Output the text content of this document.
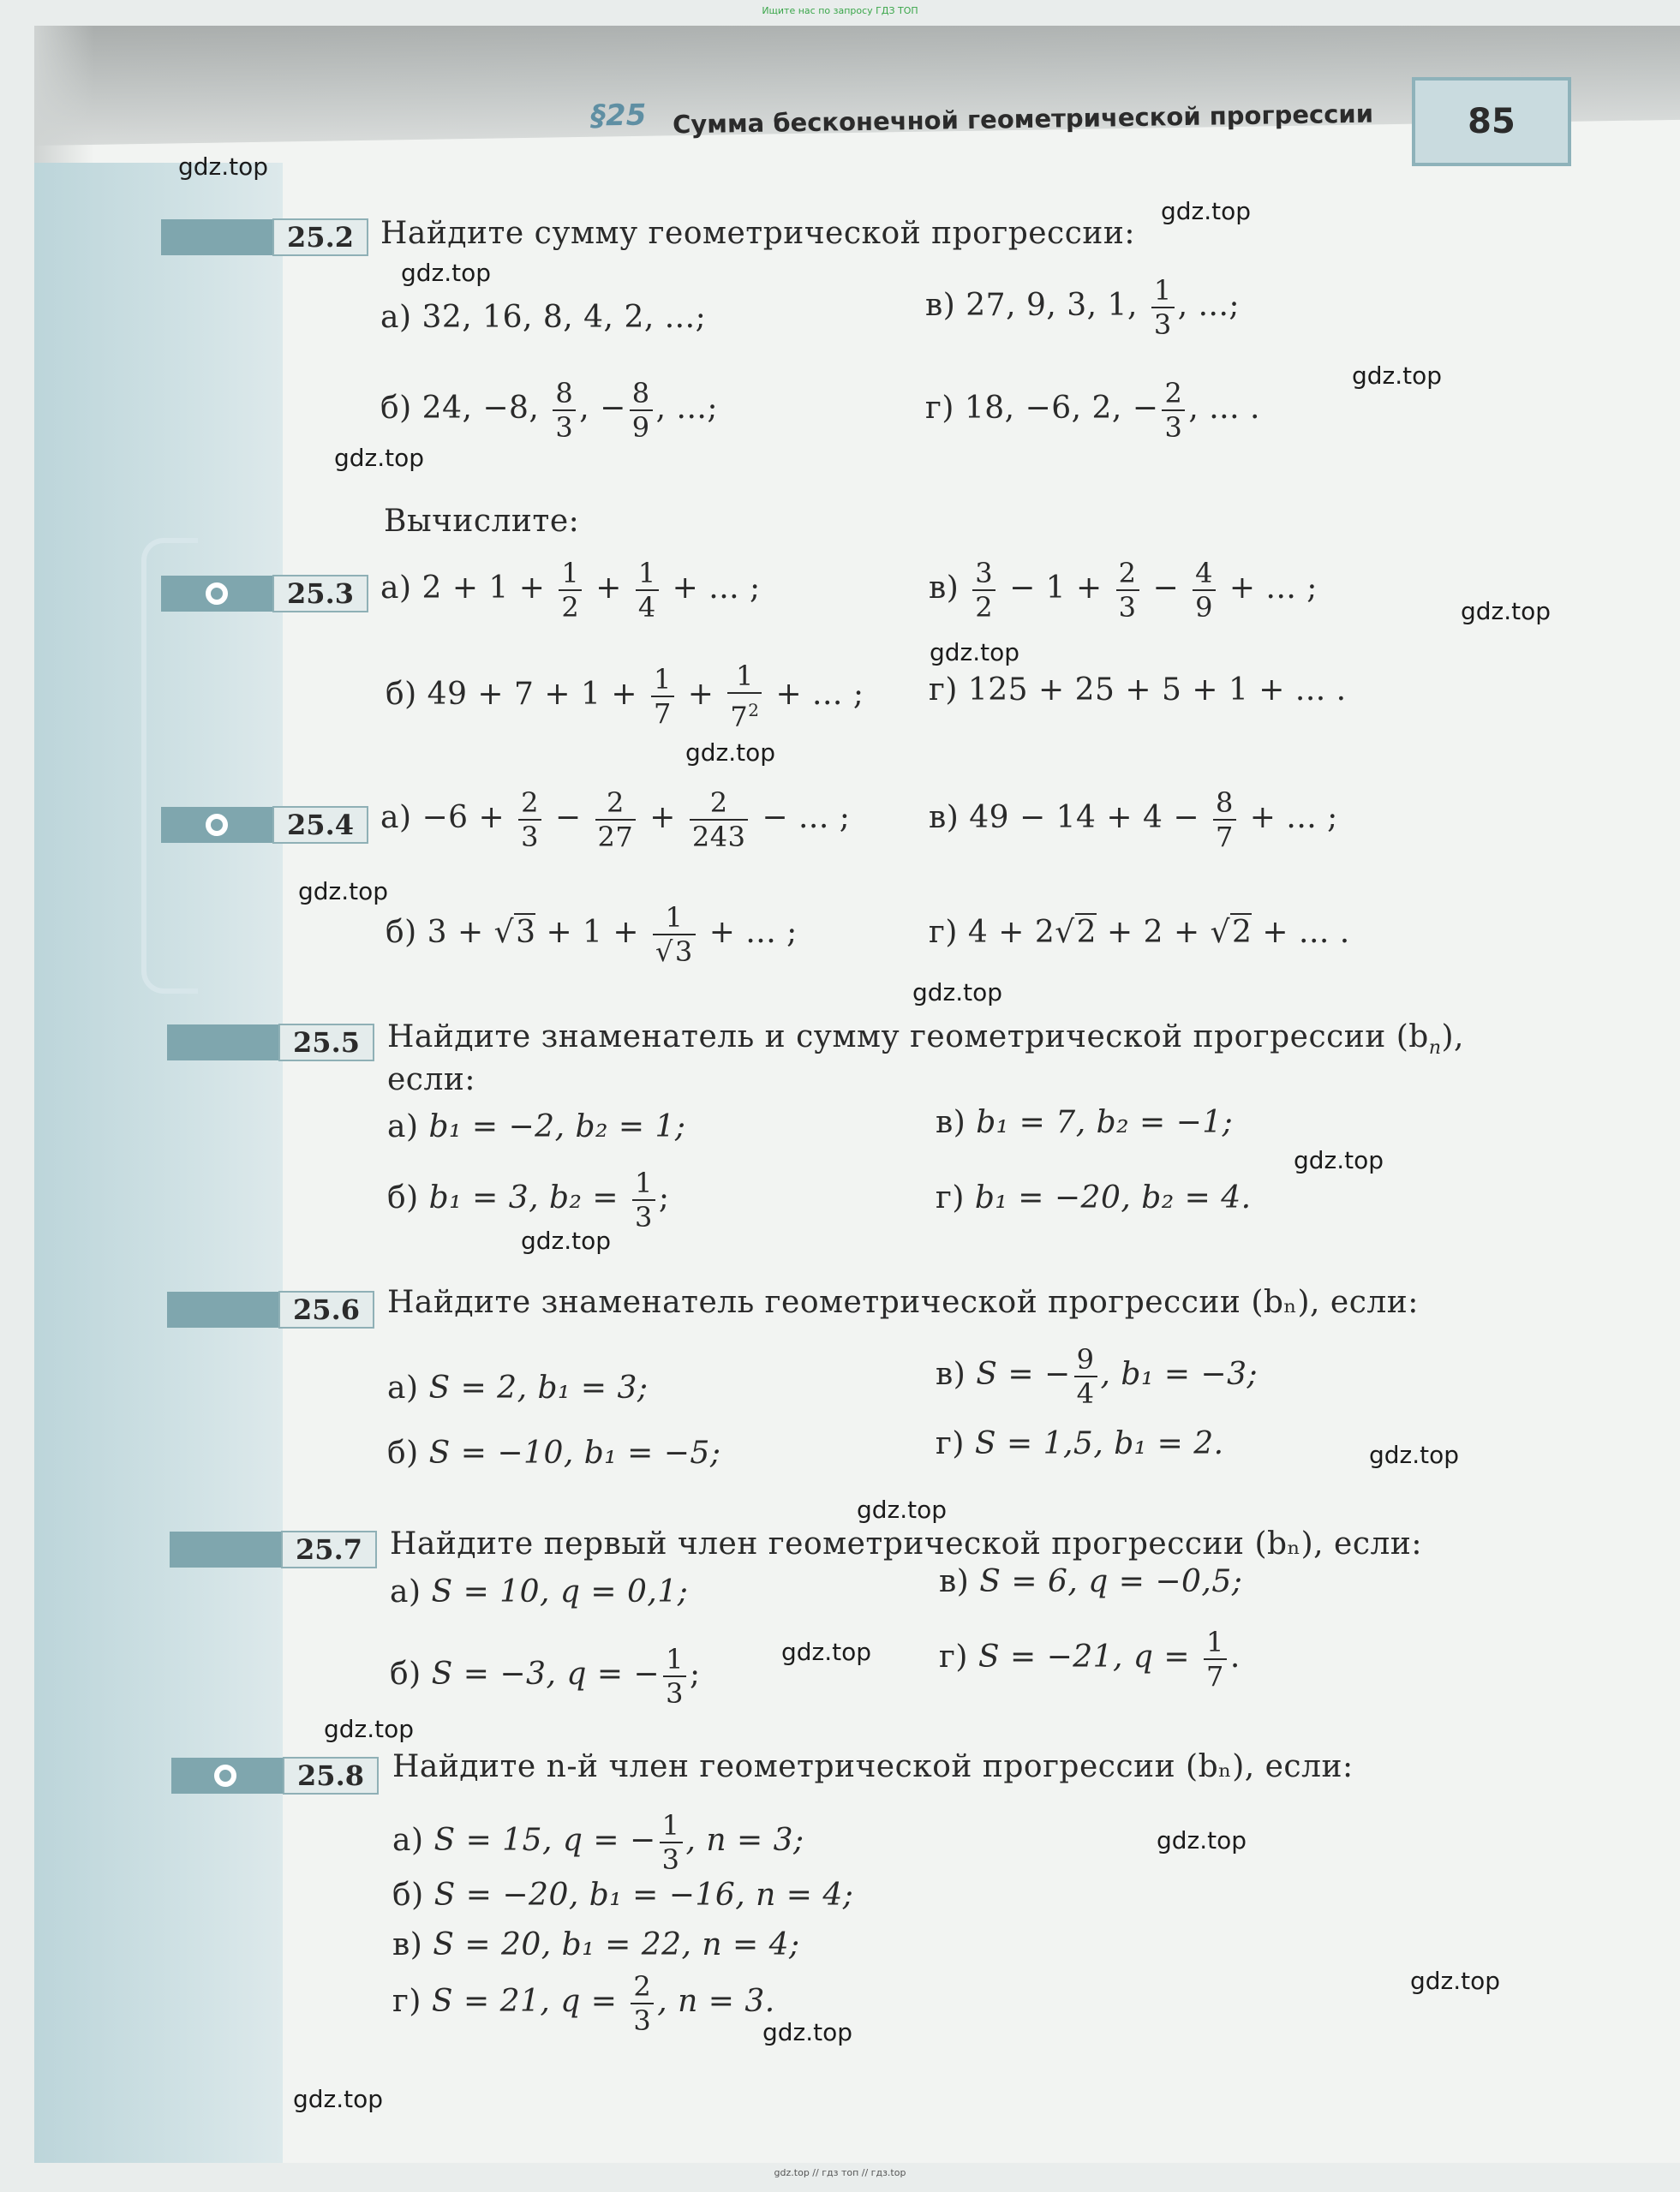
Ищите нас по запросу ГДЗ ТОП
§25 Сумма бесконечной геометрической прогрессии	85
25.2 Найдите сумму геометрической прогрессии:
а) 32, 16, 8, 4, 2, ...;	в) 27, 9, 3, 1, $\frac{1}{3}$ , ...;
б) 24, −8, $\frac{8}{3}$ , − $\frac{8}{9}$ , ...;	г) 18, −6, 2, − $\frac{2}{3}$ , ... .
Вычислите:
25.3 а) $2 + 1 + \frac{1}{2} + \frac{1}{4}$ + ... ;	$в) \frac{3}{2} - 1 + \frac{2}{3} - \frac{4}{9}$ + ... ;
б) $49 + 7 + 1 + \frac{1}{7} + \frac{1}{7^2}$ + ... ; г) 125 + 25 + 5 + 1 + ... .
25.4 $а) -6 + \frac{2}{3} - \frac{2}{27} + \frac{2}{243}$ − ... ;	в) $49 - 14 + 4 - \frac{8}{7}$ + ... ;
б) $3 + √3 + 1 + \frac{1}{√3}$ + ... ;	г) 4 + 2√2 + 2 + √2 + ... .
25.5 Найдите знаменатель и сумму геометрической прогрессии $(b_n)$,
если:
а) b₁ = −2, b₂ = 1;	в) b₁ = 7, b₂ = −1;
б) b₁ = 3, $b_2 = \frac{1}{3}$ ;	г) b₁ = −20, b₂ = 4.
25.6 Найдите знаменатель геометрической прогрессии (bₙ), если:
а) S = 2, b₁ = 3;	в) S = − $\frac{9}{4}$ , b₁ = −3;
б) S = −10, b₁ = −5;	г) S = 1,5, b₁ = 2.
25.7 Найдите первый член геометрической прогрессии (bₙ), если:
а) S = 10, q = 0,1;	в) S = 6, q = −0,5;
б) S = −3, q = − $\frac{1}{3}$ ;	г) S = −21, $q = \frac{1}{7}$ .
25.8 Найдите n-й член геометрической прогрессии (bₙ), если:
а) S = 15, q = − $\frac{1}{3}$ , n = 3;
б) S = −20, b₁ = −16, n = 4;
в) S = 20, b₁ = 22, n = 4;
г) S = 21, $q = \frac{2}{3}$ , n = 3.
gdz.top
gdz.top
gdz.top
gdz.top
gdz.top
gdz.top
gdz.top
gdz.top
gdz.top
gdz.top
gdz.top
gdz.top
gdz.top
gdz.top
gdz.top
gdz.top
gdz.top
gdz.top
gdz.top
gdz.top
gdz.top // гдз топ // гдз.top
